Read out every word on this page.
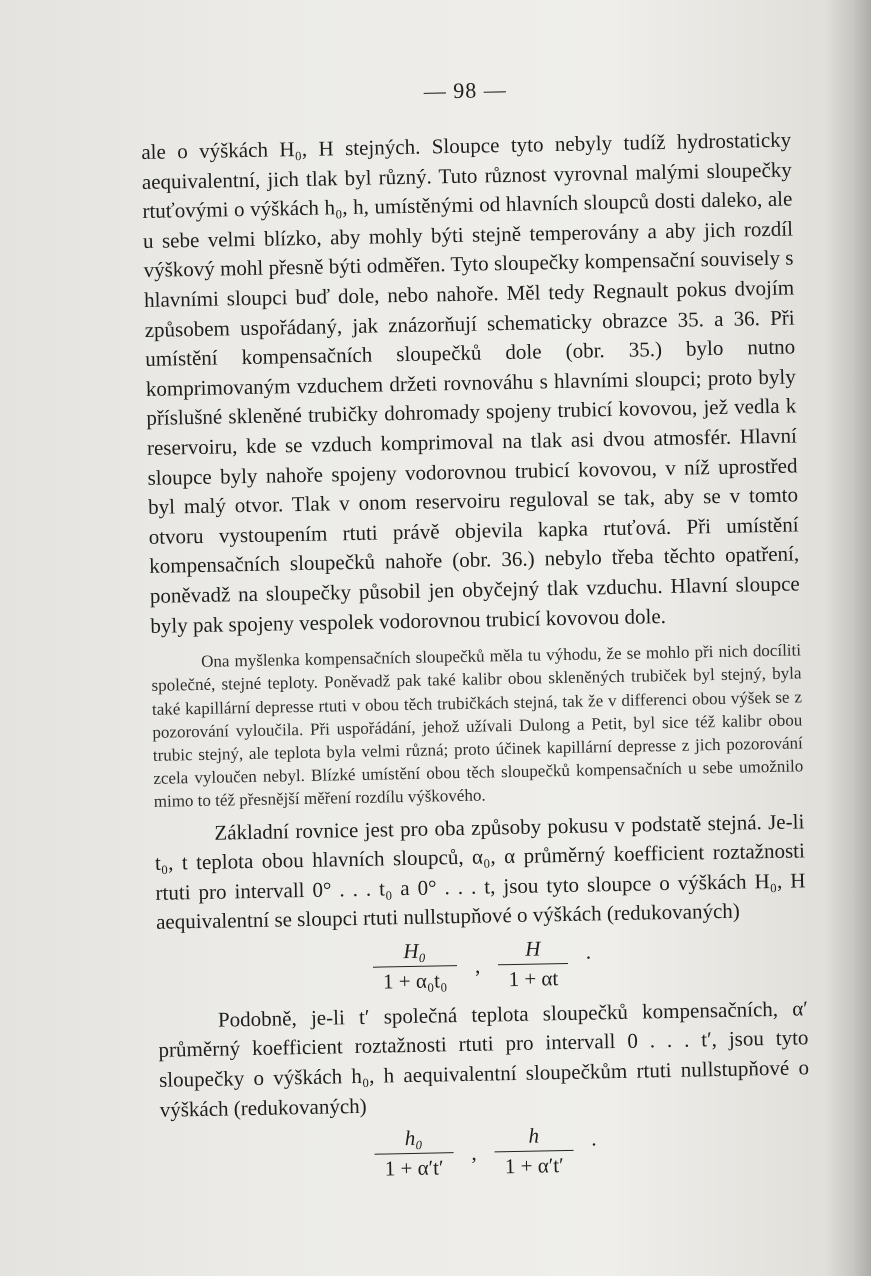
— 98 —

ale o výškách H₀, H stejných. Sloupce tyto nebyly tudíž hydrostaticky aequivalentní, jich tlak byl různý. Tuto různost vyrovnal malými sloupečky rtuťovými o výškách h₀, h, umístěnými od hlavních sloupců dosti daleko, ale u sebe velmi blízko, aby mohly býti stejně temperovány a aby jich rozdíl výškový mohl přesně býti odměřen. Tyto sloupečky kompensační souvisely s hlavními sloupci buď dole, nebo nahoře. Měl tedy Regnault pokus dvojím způsobem uspořádaný, jak znázorňují schematicky obrazce 35. a 36. Při umístění kompensačních sloupečků dole (obr. 35.) bylo nutno komprimovaným vzduchem držeti rovnováhu s hlavními sloupci; proto byly příslušné skleněné trubičky dohromady spojeny trubicí kovovou, jež vedla k reservoiru, kde se vzduch komprimoval na tlak asi dvou atmosfér. Hlavní sloupce byly nahoře spojeny vodorovnou trubicí kovovou, v níž uprostřed byl malý otvor. Tlak v onom reservoiru reguloval se tak, aby se v tomto otvoru vystoupením rtuti právě objevila kapka rtuťová. Při umístění kompensačních sloupečků nahoře (obr. 36.) nebylo třeba těchto opatření, poněvadž na sloupečky působil jen obyčejný tlak vzduchu. Hlavní sloupce byly pak spojeny vespolek vodorovnou trubicí kovovou dole.

Ona myšlenka kompensačních sloupečků měla tu výhodu, že se mohlo při nich docíliti společné, stejné teploty. Poněvadž pak také kalibr obou skleněných trubiček byl stejný, byla také kapillární depresse rtuti v obou těch trubičkách stejná, tak že v differenci obou výšek se z pozorování vyloučila. Při uspořádání, jehož užívali Dulong a Petit, byl sice též kalibr obou trubic stejný, ale teplota byla velmi různá; proto účinek kapillární depresse z jich pozorování zcela vyloučen nebyl. Blízké umístění obou těch sloupečků kompensačních u sebe umožnilo mimo to též přesnější měření rozdílu výškového.

Základní rovnice jest pro oba způsoby pokusu v podstatě stejná. Je-li t₀, t teplota obou hlavních sloupců, α₀, α průměrný koefficient roztažnosti rtuti pro intervall 0° . . . t₀ a 0° . . . t, jsou tyto sloupce o výškách H₀, H aequivalentní se sloupci rtuti nullstupňové o výškách (redukovaných)

$\frac{\text{H₀}}{\text{1 + α₀t₀}}$ , $\frac{H}{1 + \alpha t}$ .

Podobně, je-li t′ společná teplota sloupečků kompensačních, α′ průměrný koefficient roztažnosti rtuti pro intervall 0 . . . t′, jsou tyto sloupečky o výškách h₀, h aequivalentní sloupečkům rtuti nullstupňové o výškách (redukovaných)

$\frac{\text{h₀}}{1 + \alpha't'}$ , $\frac{h}{1 + \alpha't'}$ .
